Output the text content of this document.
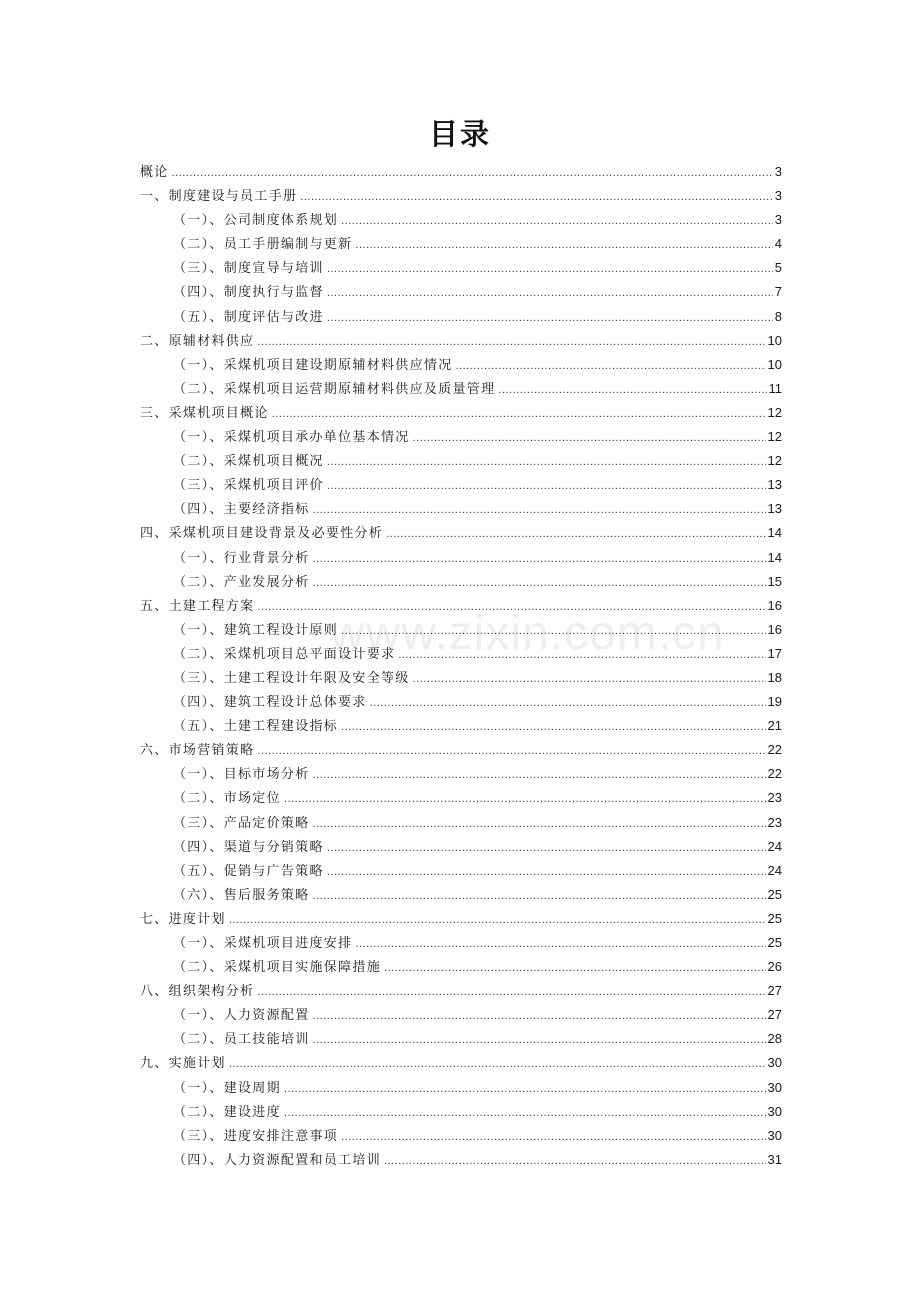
目录
www.zixin.com.cn
概论 .....	3
一、制度建设与员工手册 .....	3
（一）、公司制度体系规划 .....	3
（二）、员工手册编制与更新 .....	4
（三）、制度宣导与培训 .....	5
（四）、制度执行与监督 .....	7
（五）、制度评估与改进 .....	8
二、原辅材料供应 .....	10
（一）、采煤机项目建设期原辅材料供应情况 .....	10
（二）、采煤机项目运营期原辅材料供应及质量管理 .....	11
三、采煤机项目概论 .....	12
（一）、采煤机项目承办单位基本情况 .....	12
（二）、采煤机项目概况 .....	12
（三）、采煤机项目评价 .....	13
（四）、主要经济指标 .....	13
四、采煤机项目建设背景及必要性分析 .....	14
（一）、行业背景分析 .....	14
（二）、产业发展分析 .....	15
五、土建工程方案 .....	16
（一）、建筑工程设计原则 .....	16
（二）、采煤机项目总平面设计要求 .....	17
（三）、土建工程设计年限及安全等级 .....	18
（四）、建筑工程设计总体要求 .....	19
（五）、土建工程建设指标 .....	21
六、市场营销策略 .....	22
（一）、目标市场分析 .....	22
（二）、市场定位 .....	23
（三）、产品定价策略 .....	23
（四）、渠道与分销策略 .....	24
（五）、促销与广告策略 .....	24
（六）、售后服务策略 .....	25
七、进度计划 .....	25
（一）、采煤机项目进度安排 .....	25
（二）、采煤机项目实施保障措施 .....	26
八、组织架构分析 .....	27
（一）、人力资源配置 .....	27
（二）、员工技能培训 .....	28
九、实施计划 .....	30
（一）、建设周期 .....	30
（二）、建设进度 .....	30
（三）、进度安排注意事项 .....	30
（四）、人力资源配置和员工培训 .....	31
